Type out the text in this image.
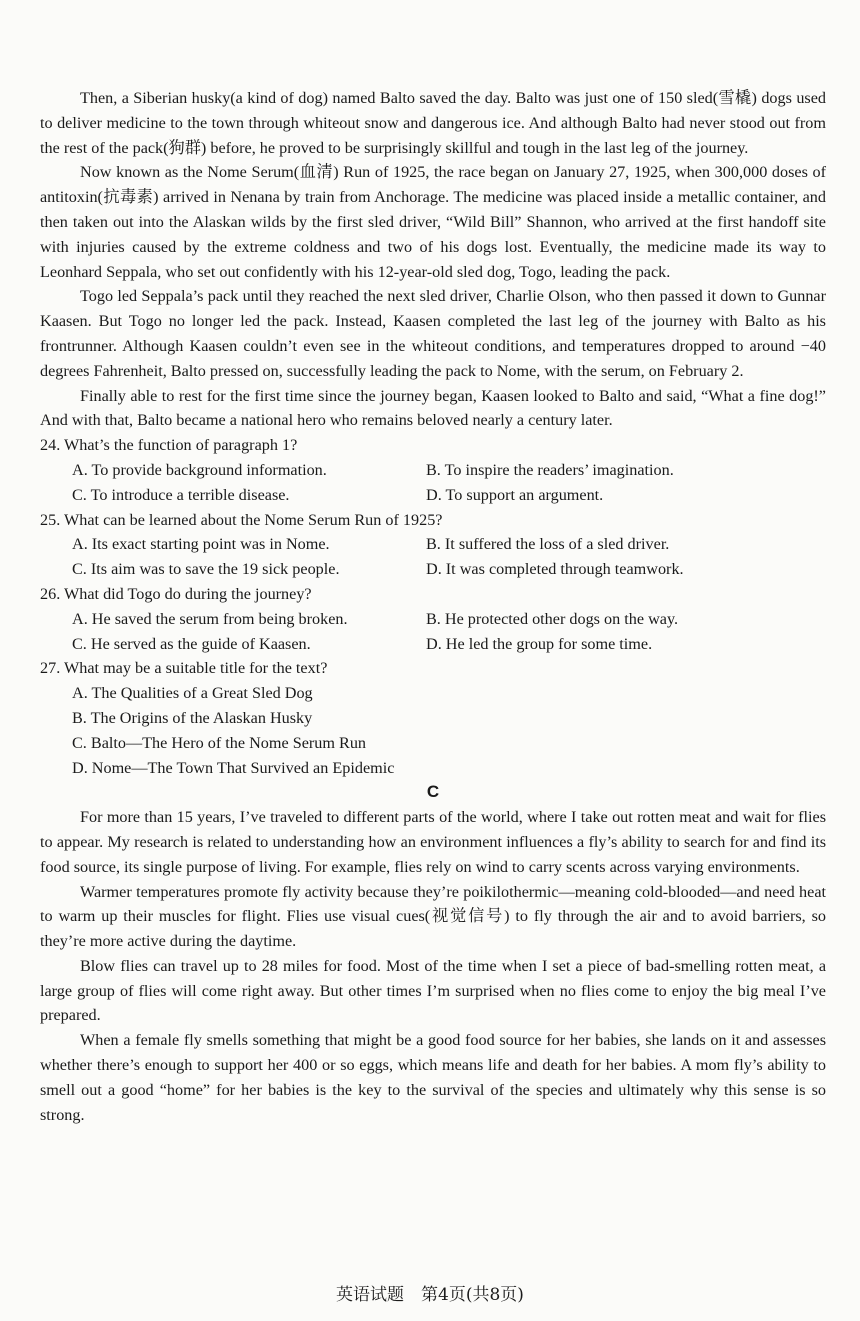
Then, a Siberian husky(a kind of dog) named Balto saved the day. Balto was just one of 150 sled(雪橇) dogs used to deliver medicine to the town through whiteout snow and dangerous ice. And although Balto had never stood out from the rest of the pack(狗群) before, he proved to be surprisingly skillful and tough in the last leg of the journey.

Now known as the Nome Serum(血清) Run of 1925, the race began on January 27, 1925, when 300,000 doses of antitoxin(抗毒素) arrived in Nenana by train from Anchorage. The medicine was placed inside a metallic container, and then taken out into the Alaskan wilds by the first sled driver, “Wild Bill” Shannon, who arrived at the first handoff site with injuries caused by the extreme coldness and two of his dogs lost. Eventually, the medicine made its way to Leonhard Seppala, who set out confidently with his 12-year-old sled dog, Togo, leading the pack.

Togo led Seppala’s pack until they reached the next sled driver, Charlie Olson, who then passed it down to Gunnar Kaasen. But Togo no longer led the pack. Instead, Kaasen completed the last leg of the journey with Balto as his frontrunner. Although Kaasen couldn’t even see in the whiteout conditions, and temperatures dropped to around −40 degrees Fahrenheit, Balto pressed on, successfully leading the pack to Nome, with the serum, on February 2.

Finally able to rest for the first time since the journey began, Kaasen looked to Balto and said, “What a fine dog!” And with that, Balto became a national hero who remains beloved nearly a century later.

24. What’s the function of paragraph 1?
A. To provide background information.	B. To inspire the readers’ imagination.
C. To introduce a terrible disease.	D. To support an argument.
25. What can be learned about the Nome Serum Run of 1925?
A. Its exact starting point was in Nome.	B. It suffered the loss of a sled driver.
C. Its aim was to save the 19 sick people.	D. It was completed through teamwork.
26. What did Togo do during the journey?
A. He saved the serum from being broken.	B. He protected other dogs on the way.
C. He served as the guide of Kaasen.	D. He led the group for some time.
27. What may be a suitable title for the text?
A. The Qualities of a Great Sled Dog
B. The Origins of the Alaskan Husky
C. Balto—The Hero of the Nome Serum Run
D. Nome—The Town That Survived an Epidemic
C

For more than 15 years, I’ve traveled to different parts of the world, where I take out rotten meat and wait for flies to appear. My research is related to understanding how an environment influences a fly’s ability to search for and find its food source, its single purpose of living. For example, flies rely on wind to carry scents across varying environments.

Warmer temperatures promote fly activity because they’re poikilothermic—meaning cold-blooded—and need heat to warm up their muscles for flight. Flies use visual cues(视觉信号) to fly through the air and to avoid barriers, so they’re more active during the daytime.

Blow flies can travel up to 28 miles for food. Most of the time when I set a piece of bad-smelling rotten meat, a large group of flies will come right away. But other times I’m surprised when no flies come to enjoy the big meal I’ve prepared.

When a female fly smells something that might be a good food source for her babies, she lands on it and assesses whether there’s enough to support her 400 or so eggs, which means life and death for her babies. A mom fly’s ability to smell out a good “home” for her babies is the key to the survival of the species and ultimately why this sense is so strong.

英语试题　第4页(共8页)
